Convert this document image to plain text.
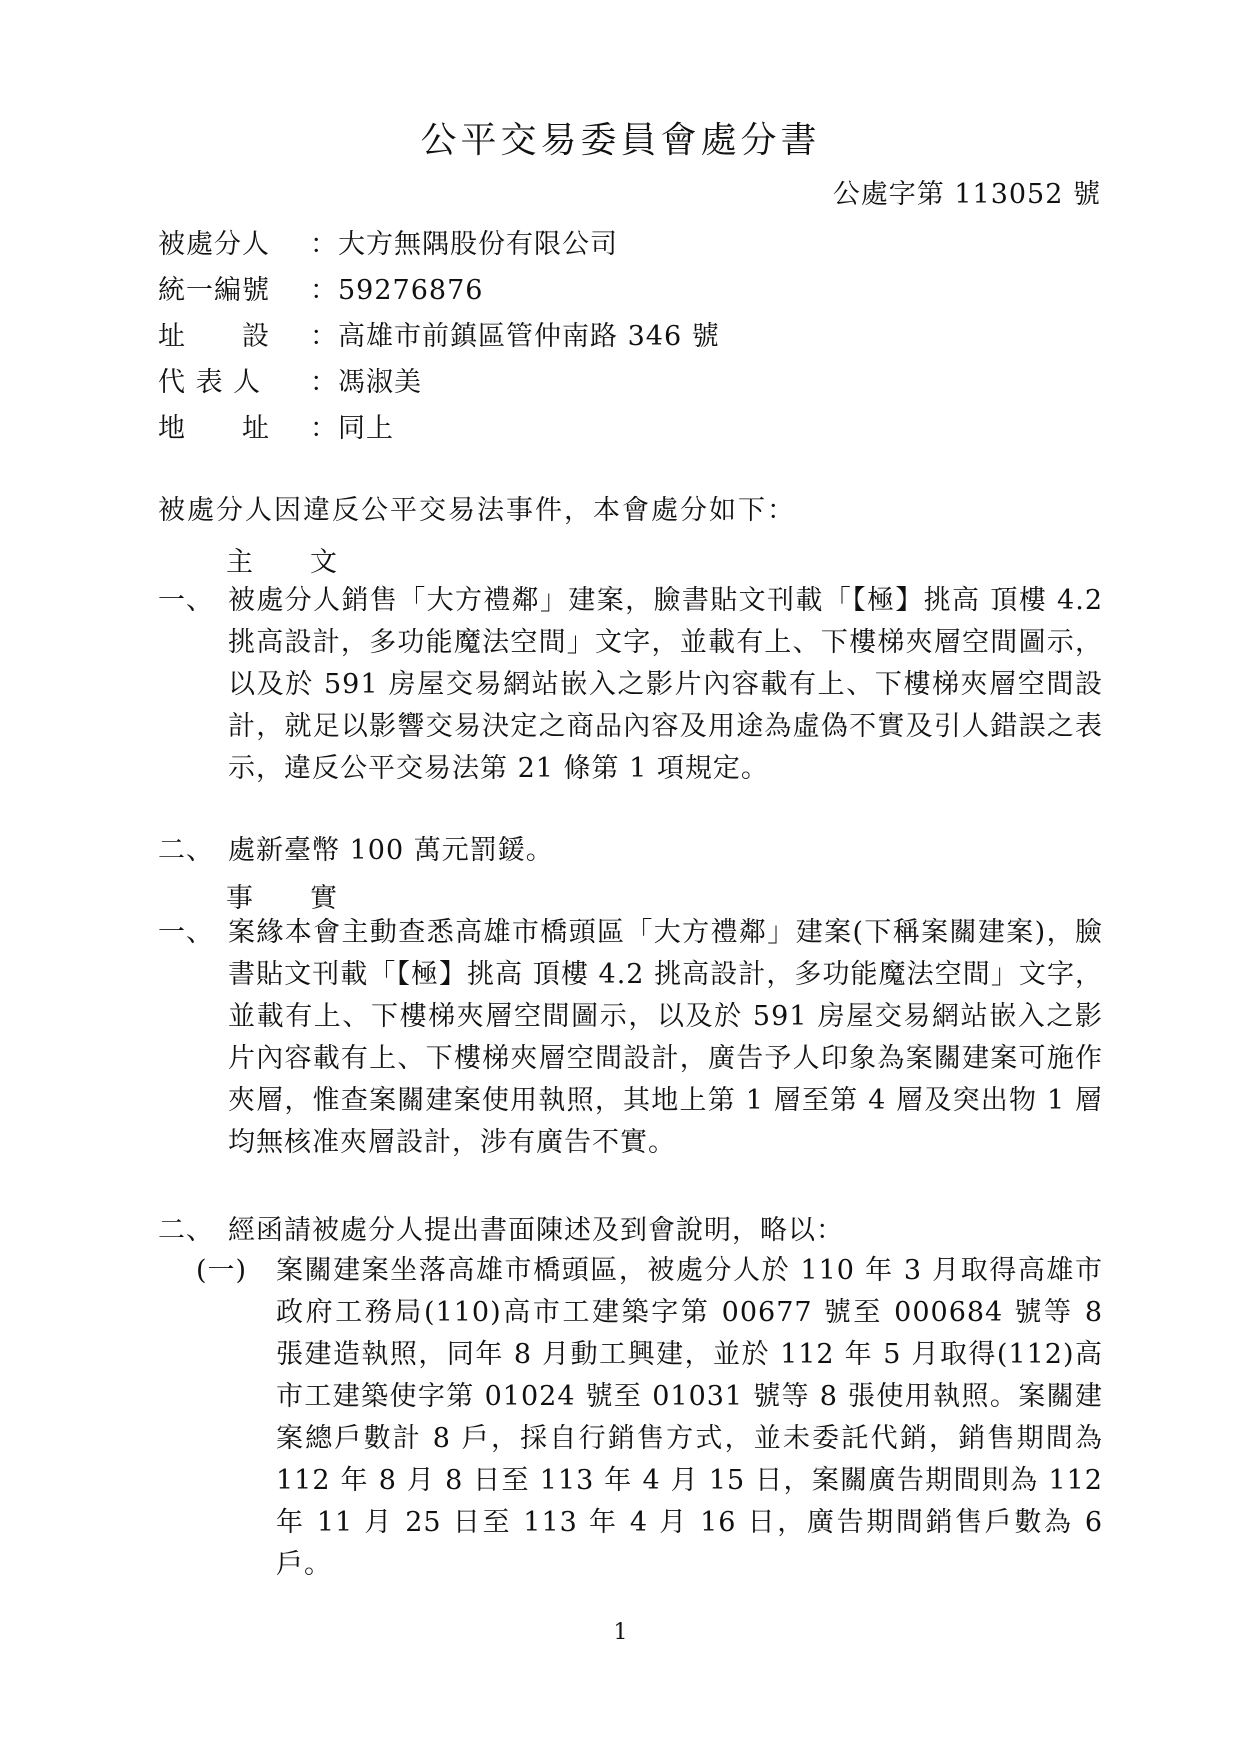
公平交易委員會處分書
公處字第 113052 號
被處分人 ：大方無隅股份有限公司
統一編號 ：59276876
址　　設 ：高雄市前鎮區管仲南路 346 號
代 表 人 ：馮淑美
地　　址 ：同上
被處分人因違反公平交易法事件，本會處分如下：
主　　文
一、 被處分人銷售「大方禮鄰」建案，臉書貼文刊載「【極】挑高 頂樓 4.2 挑高設計，多功能魔法空間」文字，並載有上、下樓梯夾層空間圖示，以及於 591 房屋交易網站嵌入之影片內容載有上、下樓梯夾層空間設計，就足以影響交易決定之商品內容及用途為虛偽不實及引人錯誤之表示，違反公平交易法第 21 條第 1 項規定。
二、 處新臺幣 100 萬元罰鍰。
事　　實
一、 案緣本會主動查悉高雄市橋頭區「大方禮鄰」建案(下稱案關建案)，臉書貼文刊載「【極】挑高 頂樓 4.2 挑高設計，多功能魔法空間」文字，並載有上、下樓梯夾層空間圖示，以及於 591 房屋交易網站嵌入之影片內容載有上、下樓梯夾層空間設計，廣告予人印象為案關建案可施作夾層，惟查案關建案使用執照，其地上第 1 層至第 4 層及突出物 1 層均無核准夾層設計，涉有廣告不實。
二、 經函請被處分人提出書面陳述及到會說明，略以：
(一)	案關建案坐落高雄市橋頭區，被處分人於 110 年 3 月取得高雄市政府工務局(110)高市工建築字第 00677 號至 000684 號等 8 張建造執照，同年 8 月動工興建，並於 112 年 5 月取得(112)高市工建築使字第 01024 號至 01031 號等 8 張使用執照。案關建案總戶數計 8 戶，採自行銷售方式，並未委託代銷，銷售期間為 112 年 8 月 8 日至 113 年 4 月 15 日，案關廣告期間則為 112 年 11 月 25 日至 113 年 4 月 16 日，廣告期間銷售戶數為 6 戶。
1
